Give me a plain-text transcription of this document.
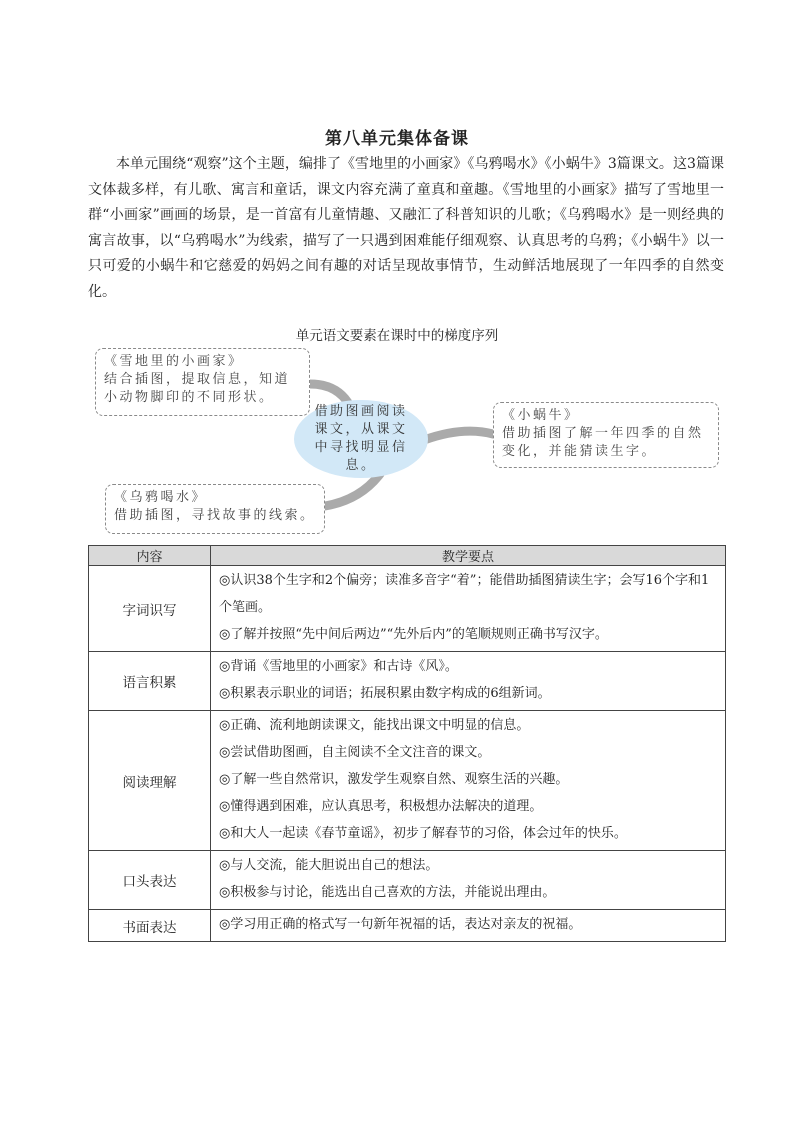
第八单元集体备课

本单元围绕“观察”这个主题，编排了《雪地里的小画家》《乌鸦喝水》《小蜗牛》3篇课文。这3篇课文体裁多样，有儿歌、寓言和童话，课文内容充满了童真和童趣。《雪地里的小画家》描写了雪地里一群“小画家”画画的场景，是一首富有儿童情趣、又融汇了科普知识的儿歌；《乌鸦喝水》是一则经典的寓言故事，以“乌鸦喝水”为线索，描写了一只遇到困难能仔细观察、认真思考的乌鸦；《小蜗牛》以一只可爱的小蜗牛和它慈爱的妈妈之间有趣的对话呈现故事情节，生动鲜活地展现了一年四季的自然变化。

单元语文要素在课时中的梯度序列
《雪地里的小画家》
结合插图，提取信息，知道小动物脚印的不同形状。
《小蜗牛》
借助插图了解一年四季的自然变化，并能猜读生字。
《乌鸦喝水》
借助插图，寻找故事的线索。
借助图画阅读课文，从课文中寻找明显信息。
内容	教学要点
字词识写	◎认识38个生字和2个偏旁；读准多音字“着”；能借助插图猜读生字；会写16个字和1个笔画。
◎了解并按照“先中间后两边”“先外后内”的笔顺规则正确书写汉字。

语言积累	◎背诵《雪地里的小画家》和古诗《风》。
◎积累表示职业的词语；拓展积累由数字构成的6组新词。

阅读理解	◎正确、流利地朗读课文，能找出课文中明显的信息。
◎尝试借助图画，自主阅读不全文注音的课文。
◎了解一些自然常识，激发学生观察自然、观察生活的兴趣。
◎懂得遇到困难，应认真思考，积极想办法解决的道理。
◎和大人一起读《春节童谣》，初步了解春节的习俗，体会过年的快乐。

口头表达	◎与人交流，能大胆说出自己的想法。
◎积极参与讨论，能选出自己喜欢的方法，并能说出理由。

书面表达	◎学习用正确的格式写一句新年祝福的话，表达对亲友的祝福。
